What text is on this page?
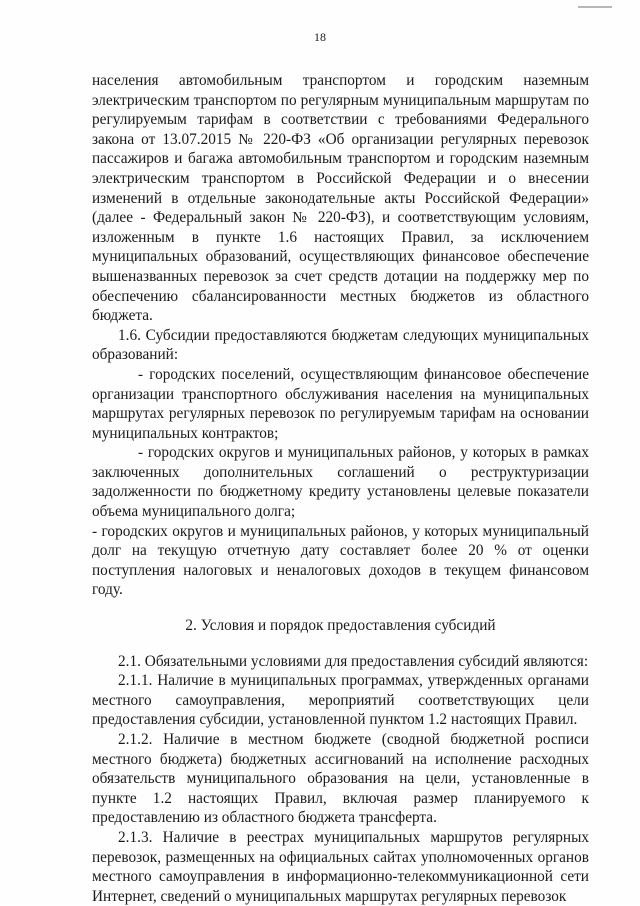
18

населения автомобильным транспортом и городским наземным электрическим транспортом по регулярным муниципальным маршрутам по регулируемым тарифам в соответствии с требованиями Федерального закона от 13.07.2015 № 220-ФЗ «Об организации регулярных перевозок пассажиров и багажа автомобильным транспортом и городским наземным электрическим транспортом в Российской Федерации и о внесении изменений в отдельные законодательные акты Российской Федерации» (далее - Федеральный закон № 220-ФЗ), и соответствующим условиям, изложенным в пункте 1.6 настоящих Правил, за исключением муниципальных образований, осуществляющих финансовое обеспечение вышеназванных перевозок за счет средств дотации на поддержку мер по обеспечению сбалансированности местных бюджетов из областного бюджета.

1.6. Субсидии предоставляются бюджетам следующих муниципальных образований:

- городских поселений, осуществляющим финансовое обеспечение организации транспортного обслуживания населения на муниципальных маршрутах регулярных перевозок по регулируемым тарифам на основании муниципальных контрактов;

- городских округов и муниципальных районов, у которых в рамках заключенных дополнительных соглашений о реструктуризации задолженности по бюджетному кредиту установлены целевые показатели объема муниципального долга;

- городских округов и муниципальных районов, у которых муниципальный долг на текущую отчетную дату составляет более 20 % от оценки поступления налоговых и неналоговых доходов в текущем финансовом году.

2. Условия и порядок предоставления субсидий

2.1. Обязательными условиями для предоставления субсидий являются:

2.1.1. Наличие в муниципальных программах, утвержденных органами местного самоуправления, мероприятий соответствующих цели предоставления субсидии, установленной пунктом 1.2 настоящих Правил.

2.1.2. Наличие в местном бюджете (сводной бюджетной росписи местного бюджета) бюджетных ассигнований на исполнение расходных обязательств муниципального образования на цели, установленные в пункте 1.2 настоящих Правил, включая размер планируемого к предоставлению из областного бюджета трансферта.

2.1.3. Наличие в реестрах муниципальных маршрутов регулярных перевозок, размещенных на официальных сайтах уполномоченных органов местного самоуправления в информационно-телекоммуникационной сети Интернет, сведений о муниципальных маршрутах регулярных перевозок
